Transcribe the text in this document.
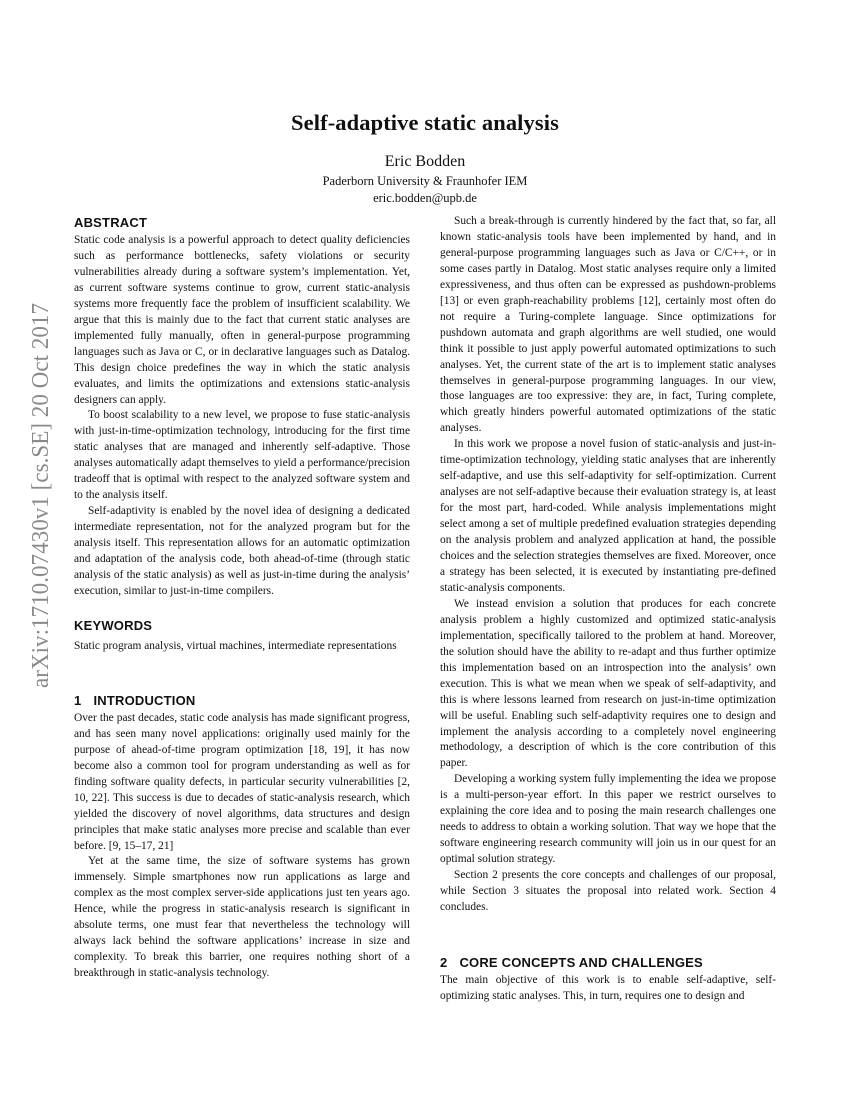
arXiv:1710.07430v1 [cs.SE] 20 Oct 2017
Self-adaptive static analysis
Eric Bodden
Paderborn University & Fraunhofer IEM
eric.bodden@upb.de
ABSTRACT

Static code analysis is a powerful approach to detect quality deficiencies such as performance bottlenecks, safety violations or security vulnerabilities already during a software system’s implementation. Yet, as current software systems continue to grow, current static-analysis systems more frequently face the problem of insufficient scalability. We argue that this is mainly due to the fact that current static analyses are implemented fully manually, often in general-purpose programming languages such as Java or C, or in declarative languages such as Datalog. This design choice predefines the way in which the static analysis evaluates, and limits the optimizations and extensions static-analysis designers can apply.

To boost scalability to a new level, we propose to fuse static-analysis with just-in-time-optimization technology, introducing for the first time static analyses that are managed and inherently self-adaptive. Those analyses automatically adapt themselves to yield a performance/precision tradeoff that is optimal with respect to the analyzed software system and to the analysis itself.

Self-adaptivity is enabled by the novel idea of designing a dedicated intermediate representation, not for the analyzed program but for the analysis itself. This representation allows for an automatic optimization and adaptation of the analysis code, both ahead-of-time (through static analysis of the static analysis) as well as just-in-time during the analysis’ execution, similar to just-in-time compilers.

KEYWORDS

Static program analysis, virtual machines, intermediate representations

1 INTRODUCTION

Over the past decades, static code analysis has made significant progress, and has seen many novel applications: originally used mainly for the purpose of ahead-of-time program optimization [18, 19], it has now become also a common tool for program understanding as well as for finding software quality defects, in particular security vulnerabilities [2, 10, 22]. This success is due to decades of static-analysis research, which yielded the discovery of novel algorithms, data structures and design principles that make static analyses more precise and scalable than ever before. [9, 15–17, 21]

Yet at the same time, the size of software systems has grown immensely. Simple smartphones now run applications as large and complex as the most complex server-side applications just ten years ago. Hence, while the progress in static-analysis research is significant in absolute terms, one must fear that nevertheless the technology will always lack behind the software applications’ increase in size and complexity. To break this barrier, one requires nothing short of a breakthrough in static-analysis technology.

Such a break-through is currently hindered by the fact that, so far, all known static-analysis tools have been implemented by hand, and in general-purpose programming languages such as Java or C/C++, or in some cases partly in Datalog. Most static analyses require only a limited expressiveness, and thus often can be expressed as pushdown-problems [13] or even graph-reachability problems [12], certainly most often do not require a Turing-complete language. Since optimizations for pushdown automata and graph algorithms are well studied, one would think it possible to just apply powerful automated optimizations to such analyses. Yet, the current state of the art is to implement static analyses themselves in general-purpose programming languages. In our view, those languages are too expressive: they are, in fact, Turing complete, which greatly hinders powerful automated optimizations of the static analyses.

In this work we propose a novel fusion of static-analysis and just-in-time-optimization technology, yielding static analyses that are inherently self-adaptive, and use this self-adaptivity for self-optimization. Current analyses are not self-adaptive because their evaluation strategy is, at least for the most part, hard-coded. While analysis implementations might select among a set of multiple predefined evaluation strategies depending on the analysis problem and analyzed application at hand, the possible choices and the selection strategies themselves are fixed. Moreover, once a strategy has been selected, it is executed by instantiating pre-defined static-analysis components.

We instead envision a solution that produces for each concrete analysis problem a highly customized and optimized static-analysis implementation, specifically tailored to the problem at hand. Moreover, the solution should have the ability to re-adapt and thus further optimize this implementation based on an introspection into the analysis’ own execution. This is what we mean when we speak of self-adaptivity, and this is where lessons learned from research on just-in-time optimization will be useful. Enabling such self-adaptivity requires one to design and implement the analysis according to a completely novel engineering methodology, a description of which is the core contribution of this paper.

Developing a working system fully implementing the idea we propose is a multi-person-year effort. In this paper we restrict ourselves to explaining the core idea and to posing the main research challenges one needs to address to obtain a working solution. That way we hope that the software engineering research community will join us in our quest for an optimal solution strategy.

Section 2 presents the core concepts and challenges of our proposal, while Section 3 situates the proposal into related work. Section 4 concludes.

2 CORE CONCEPTS AND CHALLENGES

The main objective of this work is to enable self-adaptive, self-optimizing static analyses. This, in turn, requires one to design and
